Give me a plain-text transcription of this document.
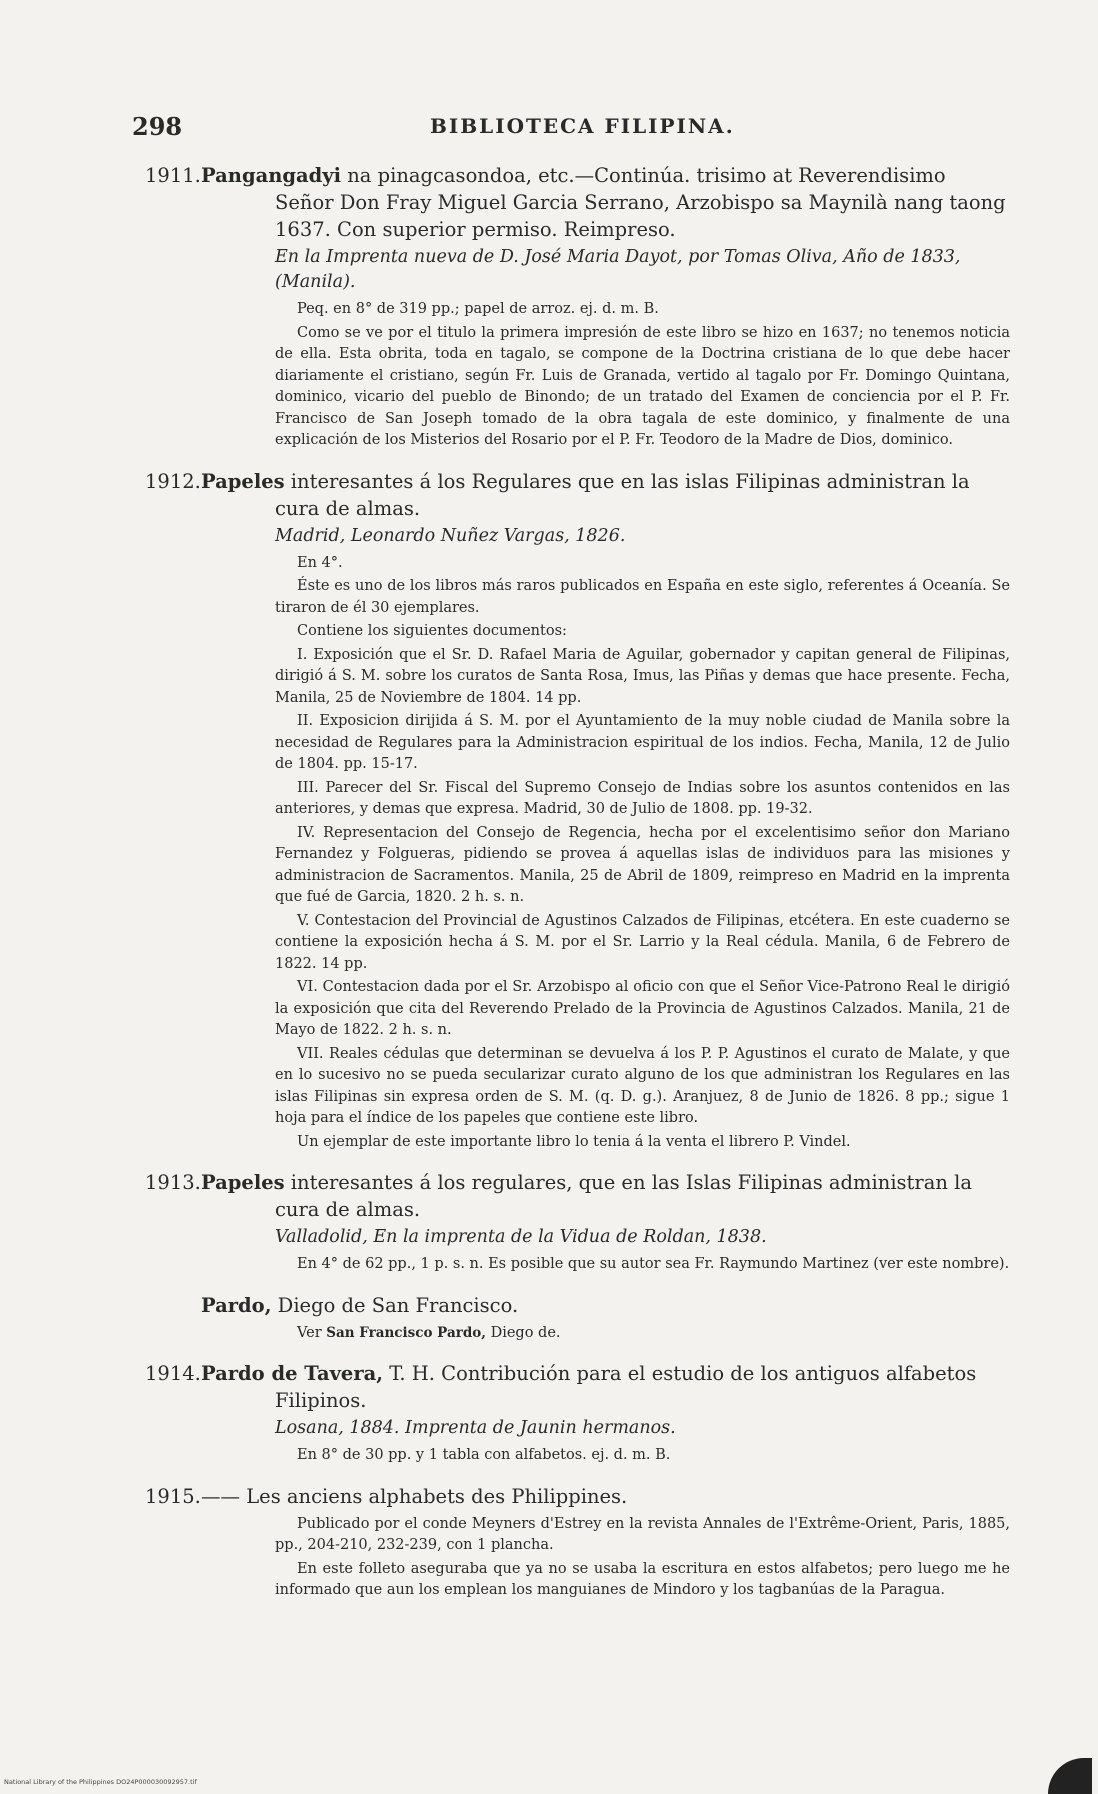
298	BIBLIOTECA FILIPINA.
1911.Pangangadyi na pinagcasondoa, etc.—Continúa. trisimo at Reverendisimo Señor Don Fray Miguel Garcia Serrano, Arzobispo sa Maynilà nang taong 1637. Con superior permiso. Reimpreso.
En la Imprenta nueva de D. José Maria Dayot, por Tomas Oliva, Año de 1833, (Manila).

Peq. en 8° de 319 pp.; papel de arroz. ej. d. m. B.

Como se ve por el titulo la primera impresión de este libro se hizo en 1637; no tenemos noticia de ella. Esta obrita, toda en tagalo, se compone de la Doctrina cristiana de lo que debe hacer diariamente el cristiano, según Fr. Luis de Granada, vertido al tagalo por Fr. Domingo Quintana, dominico, vicario del pueblo de Binondo; de un tratado del Examen de conciencia por el P. Fr. Francisco de San Joseph tomado de la obra tagala de este dominico, y finalmente de una explicación de los Misterios del Rosario por el P. Fr. Teodoro de la Madre de Dios, dominico.

1912.Papeles interesantes á los Regulares que en las islas Filipinas administran la cura de almas.
Madrid, Leonardo Nuñez Vargas, 1826.

En 4°.

Éste es uno de los libros más raros publicados en España en este siglo, referentes á Oceanía. Se tiraron de él 30 ejemplares.

Contiene los siguientes documentos:

I. Exposición que el Sr. D. Rafael Maria de Aguilar, gobernador y capitan general de Filipinas, dirigió á S. M. sobre los curatos de Santa Rosa, Imus, las Piñas y demas que hace presente. Fecha, Manila, 25 de Noviembre de 1804. 14 pp.

II. Exposicion dirijida á S. M. por el Ayuntamiento de la muy noble ciudad de Manila sobre la necesidad de Regulares para la Administracion espiritual de los indios. Fecha, Manila, 12 de Julio de 1804. pp. 15-17.

III. Parecer del Sr. Fiscal del Supremo Consejo de Indias sobre los asuntos contenidos en las anteriores, y demas que expresa. Madrid, 30 de Julio de 1808. pp. 19-32.

IV. Representacion del Consejo de Regencia, hecha por el excelentisimo señor don Mariano Fernandez y Folgueras, pidiendo se provea á aquellas islas de individuos para las misiones y administracion de Sacramentos. Manila, 25 de Abril de 1809, reimpreso en Madrid en la imprenta que fué de Garcia, 1820. 2 h. s. n.

V. Contestacion del Provincial de Agustinos Calzados de Filipinas, etcétera. En este cuaderno se contiene la exposición hecha á S. M. por el Sr. Larrio y la Real cédula. Manila, 6 de Febrero de 1822. 14 pp.

VI. Contestacion dada por el Sr. Arzobispo al oficio con que el Señor Vice-Patrono Real le dirigió la exposición que cita del Reverendo Prelado de la Provincia de Agustinos Calzados. Manila, 21 de Mayo de 1822. 2 h. s. n.

VII. Reales cédulas que determinan se devuelva á los P. P. Agustinos el curato de Malate, y que en lo sucesivo no se pueda secularizar curato alguno de los que administran los Regulares en las islas Filipinas sin expresa orden de S. M. (q. D. g.). Aranjuez, 8 de Junio de 1826. 8 pp.; sigue 1 hoja para el índice de los papeles que contiene este libro.

Un ejemplar de este importante libro lo tenia á la venta el librero P. Vindel.

1913.Papeles interesantes á los regulares, que en las Islas Filipinas administran la cura de almas.
Valladolid, En la imprenta de la Vidua de Roldan, 1838.

En 4° de 62 pp., 1 p. s. n. Es posible que su autor sea Fr. Raymundo Martinez (ver este nombre).

Pardo, Diego de San Francisco.

Ver San Francisco Pardo, Diego de.

1914.Pardo de Tavera, T. H. Contribución para el estudio de los antiguos alfabetos Filipinos.
Losana, 1884. Imprenta de Jaunin hermanos.

En 8° de 30 pp. y 1 tabla con alfabetos. ej. d. m. B.

1915.—— Les anciens alphabets des Philippines.

Publicado por el conde Meyners d'Estrey en la revista Annales de l'Extrême-Orient, Paris, 1885, pp., 204-210, 232-239, con 1 plancha.

En este folleto aseguraba que ya no se usaba la escritura en estos alfabetos; pero luego me he informado que aun los emplean los manguianes de Mindoro y los tagbanúas de la Paragua.

National Library of the Philippines DO24P000030092957.tif
